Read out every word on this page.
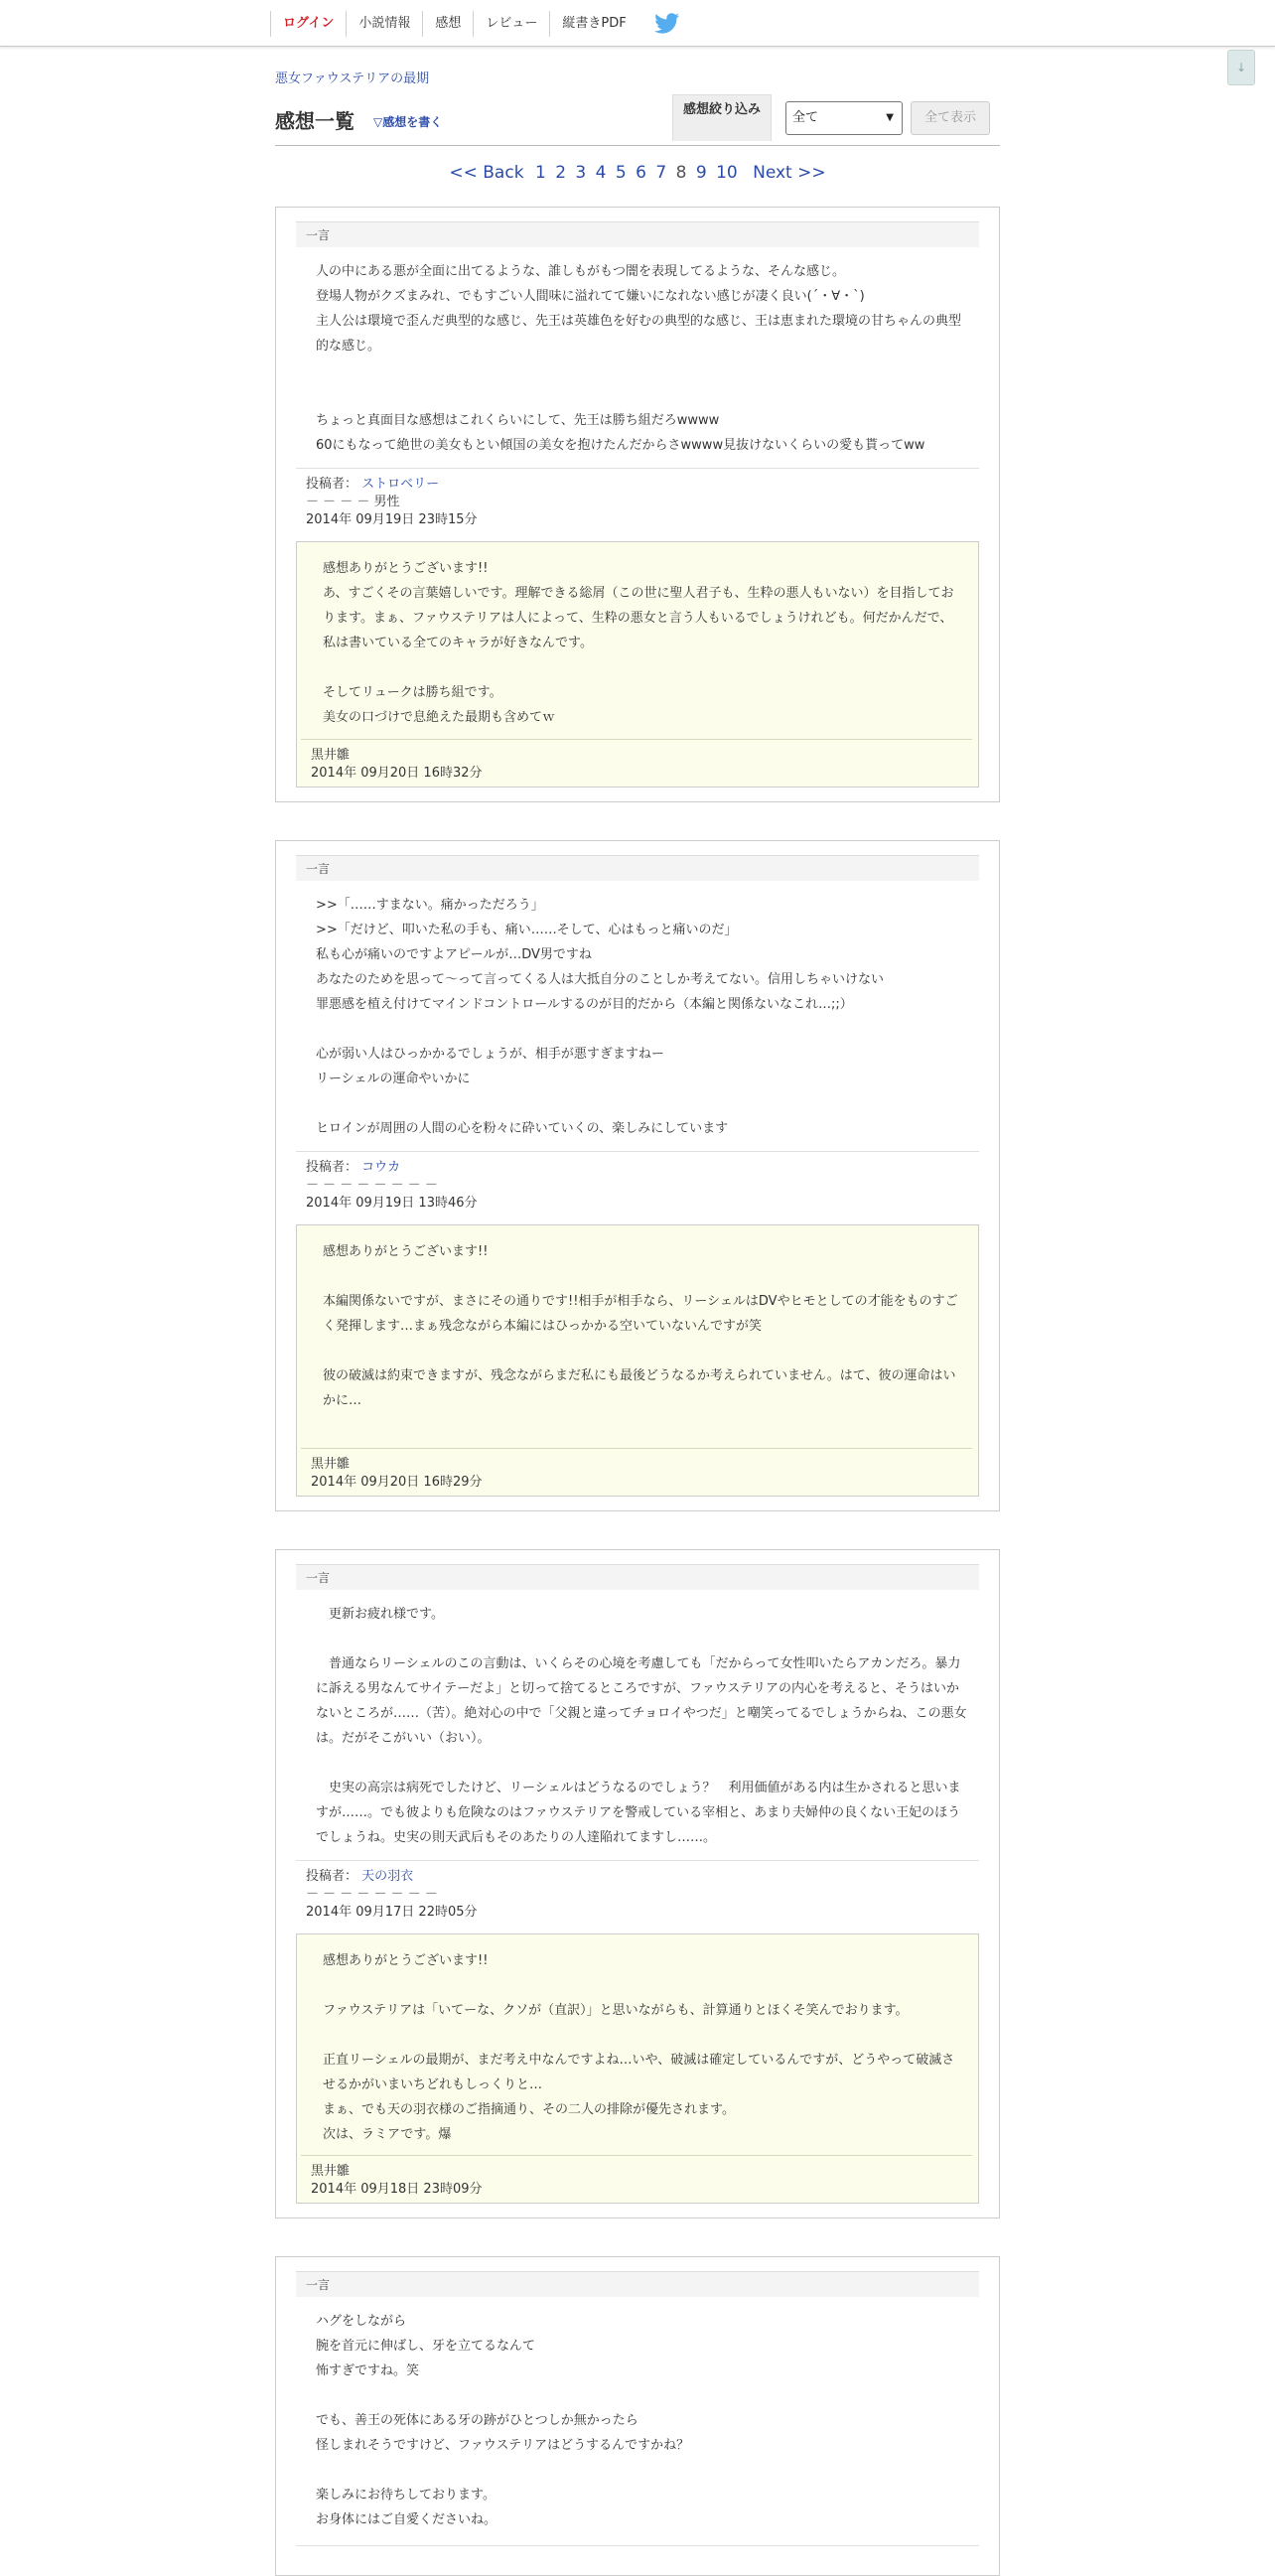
ログイン	小説情報	感想	レビュー	縦書きPDF
↓
悪女ファウステリアの最期
感想一覧 ▽感想を書く
感想絞り込み
全て	▼	全て表示
<< Back 1 2 3 4 5 6 7 8 9 10 Next >>
一言
人の中にある悪が全面に出てるような、誰しもがもつ闇を表現してるような、そんな感じ。
登場人物がクズまみれ、でもすごい人間味に溢れてて嫌いになれない感じが凄く良い(´・∀・`)
主人公は環境で歪んだ典型的な感じ、先王は英雄色を好むの典型的な感じ、王は恵まれた環境の甘ちゃんの典型的な感じ。

ちょっと真面目な感想はこれくらいにして、先王は勝ち組だろwwww
60にもなって絶世の美女もとい傾国の美女を抱けたんだからさwwww見抜けないくらいの愛も貰ってww
投稿者： ストロベリー
－ － － － 男性
2014年 09月19日 23時15分
感想ありがとうございます!!
あ、すごくその言葉嬉しいです。理解できる総屑（この世に聖人君子も、生粋の悪人もいない）を目指しております。まぁ、ファウステリアは人によって、生粋の悪女と言う人もいるでしょうけれども。何だかんだで、私は書いている全てのキャラが好きなんです。

そしてリュークは勝ち組です。
美女の口づけで息絶えた最期も含めてｗ
黒井雛
2014年 09月20日 16時32分
一言
>>「……すまない。痛かっただろう」
>>「だけど、叩いた私の手も、痛い……そして、心はもっと痛いのだ」
私も心が痛いのですよアピールが…DV男ですね
あなたのためを思って～って言ってくる人は大抵自分のことしか考えてない。信用しちゃいけない
罪悪感を植え付けてマインドコントロールするのが目的だから（本編と関係ないなこれ…;;）

心が弱い人はひっかかるでしょうが、相手が悪すぎますねー
リーシェルの運命やいかに

ヒロインが周囲の人間の心を粉々に砕いていくの、楽しみにしています
投稿者： コウカ
－ － － － － － － －
2014年 09月19日 13時46分
感想ありがとうございます!!

本編関係ないですが、まさにその通りです!!相手が相手なら、リーシェルはDVやヒモとしての才能をものすごく発揮します…まぁ残念ながら本編にはひっかかる空いていないんですが笑

彼の破滅は約束できますが、残念ながらまだ私にも最後どうなるか考えられていません。はて、彼の運命はいかに…
黒井雛
2014年 09月20日 16時29分
一言
　更新お疲れ様です。

　普通ならリーシェルのこの言動は、いくらその心境を考慮しても「だからって女性叩いたらアカンだろ。暴力に訴える男なんてサイテーだよ」と切って捨てるところですが、ファウステリアの内心を考えると、そうはいかないところが……（苦）。絶対心の中で「父親と違ってチョロイやつだ」と嘲笑ってるでしょうからね、この悪女は。だがそこがいい（おい）。

　史実の高宗は病死でしたけど、リーシェルはどうなるのでしょう？　利用価値がある内は生かされると思いますが……。でも彼よりも危険なのはファウステリアを警戒している宰相と、あまり夫婦仲の良くない王妃のほうでしょうね。史実の則天武后もそのあたりの人達陥れてますし……。
投稿者： 天の羽衣
－ － － － － － － －
2014年 09月17日 22時05分
感想ありがとうございます!!

ファウステリアは「いてーな、クソが（直訳）」と思いながらも、計算通りとほくそ笑んでおります。

正直リーシェルの最期が、まだ考え中なんですよね…いや、破滅は確定しているんですが、どうやって破滅させるかがいまいちどれもしっくりと…
まぁ、でも天の羽衣様のご指摘通り、その二人の排除が優先されます。
次は、ラミアです。爆
黒井雛
2014年 09月18日 23時09分
一言
ハグをしながら
腕を首元に伸ばし、牙を立てるなんて
怖すぎですね。笑

でも、善王の死体にある牙の跡がひとつしか無かったら
怪しまれそうですけど、ファウステリアはどうするんですかね？

楽しみにお待ちしております。
お身体にはご自愛くださいね。
